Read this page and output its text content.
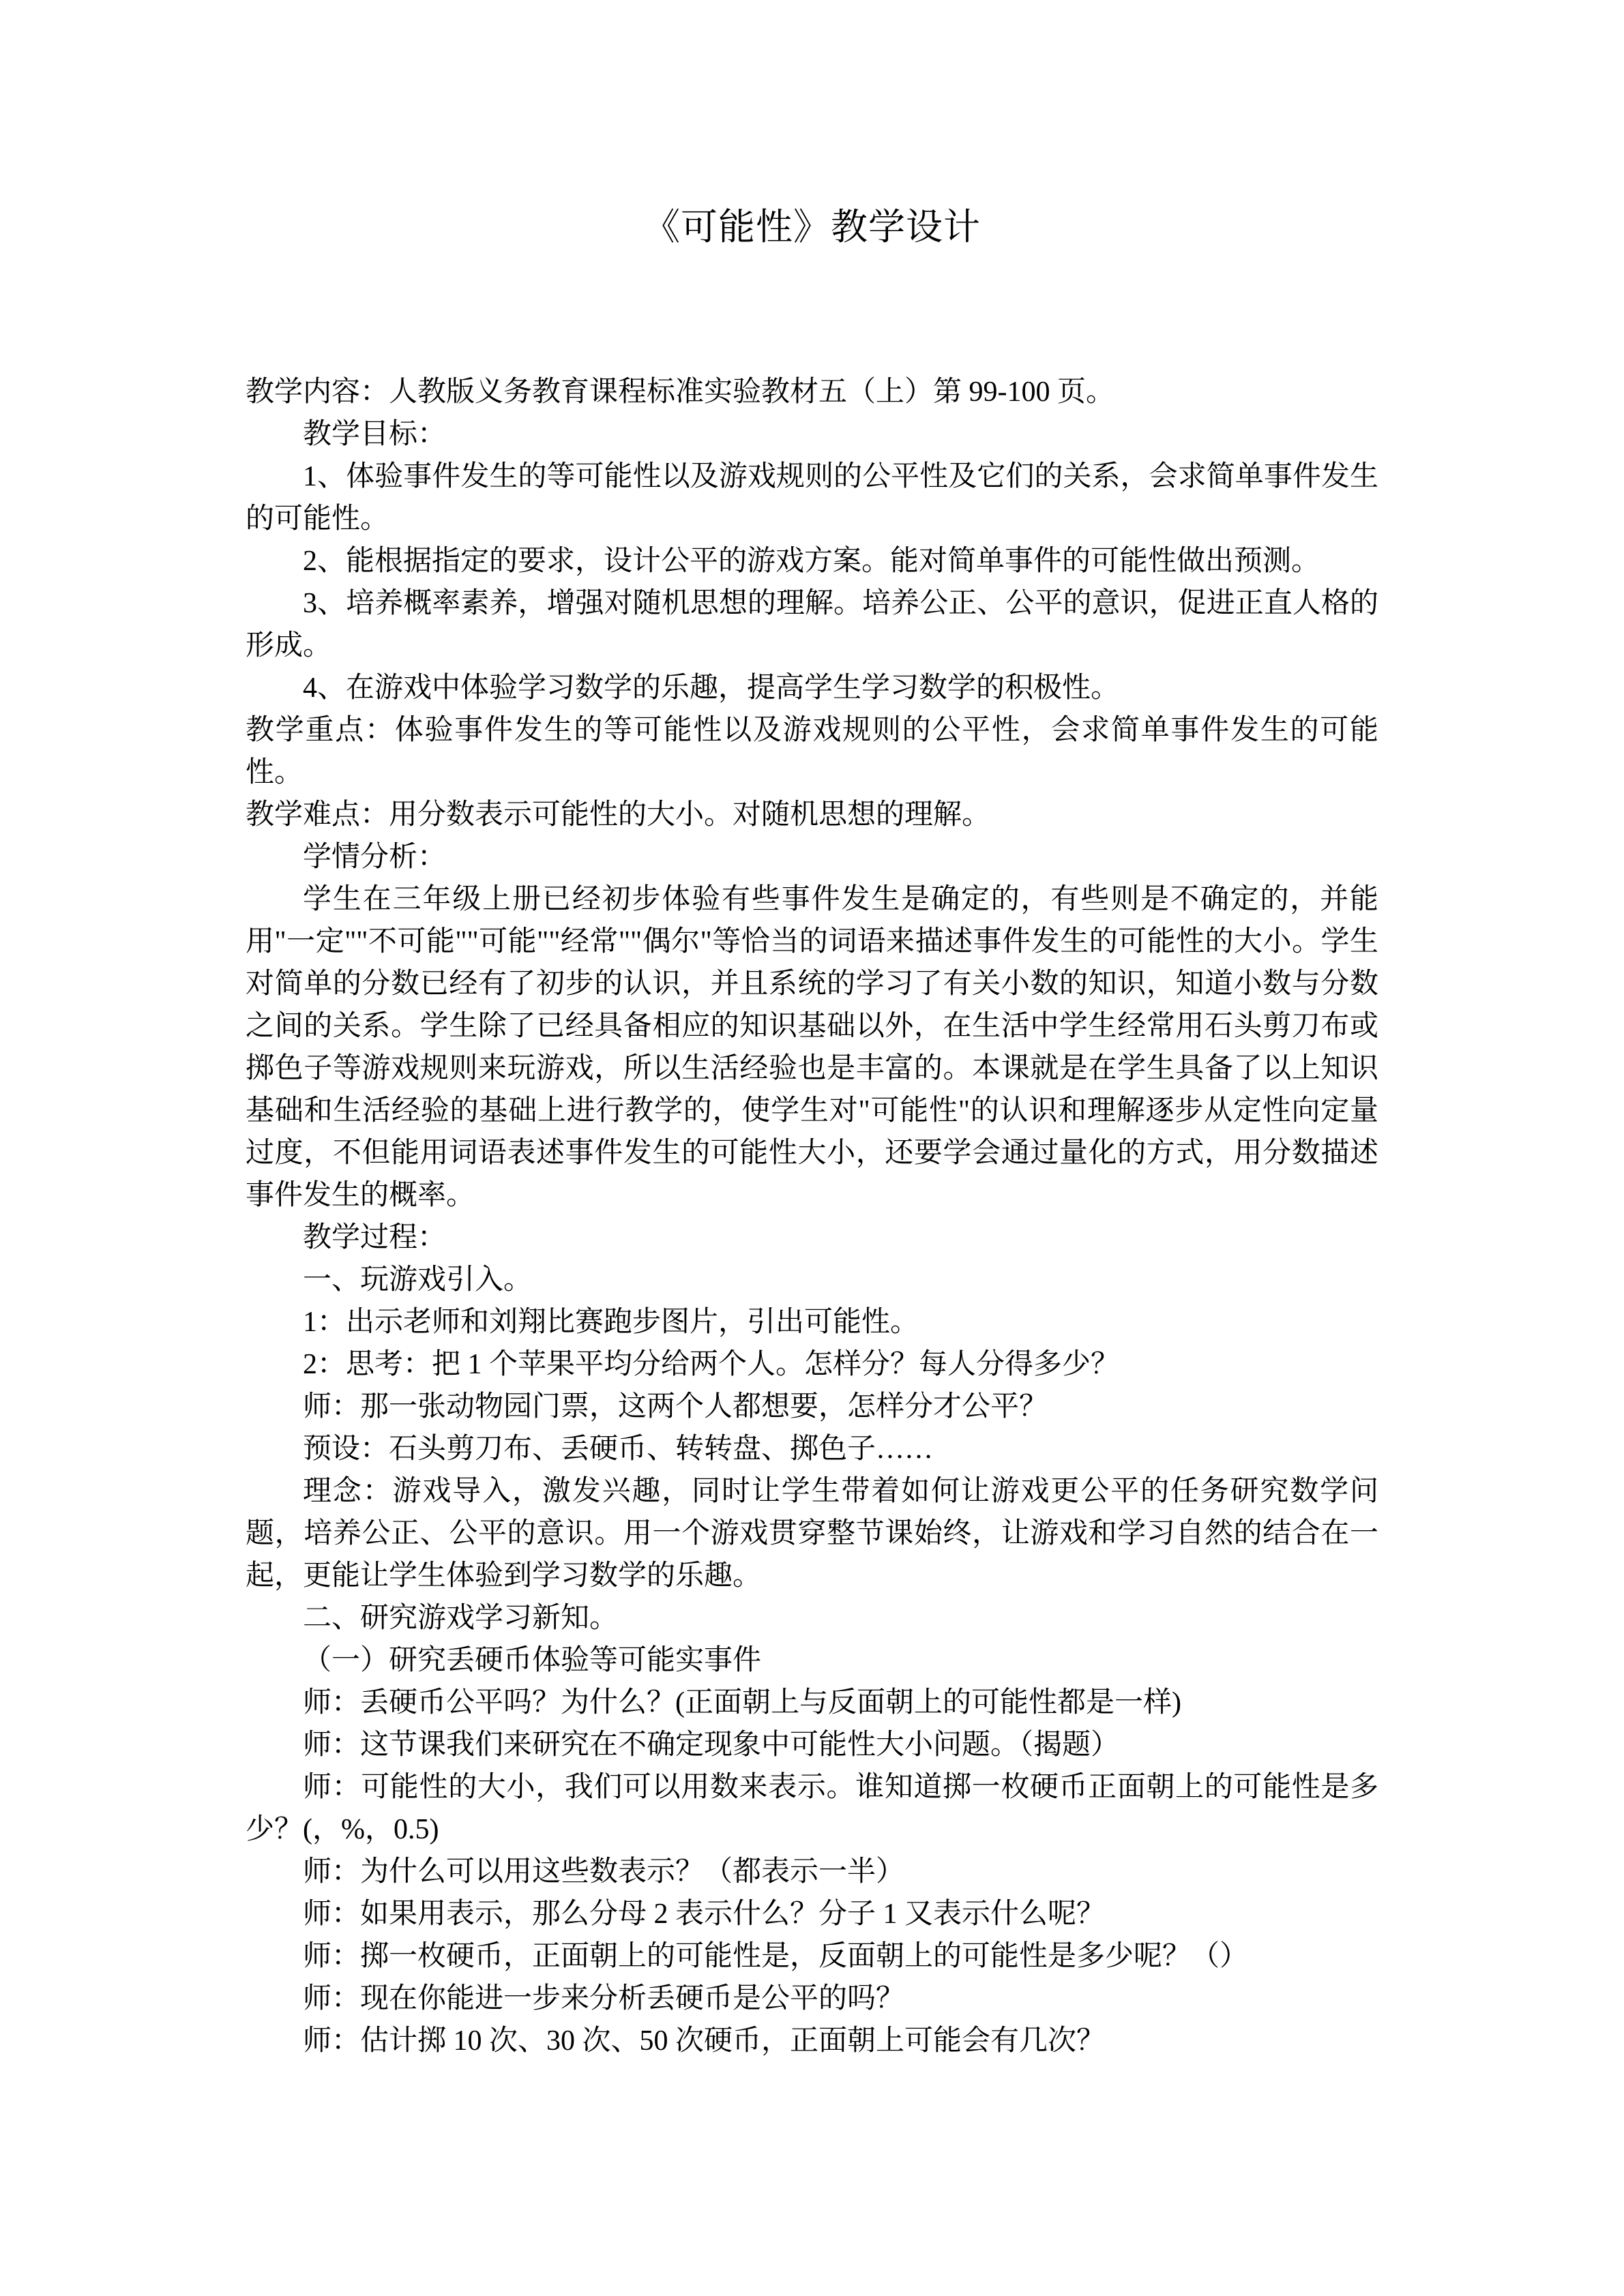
《可能性》教学设计

教学内容：人教版义务教育课程标准实验教材五（上）第 99-100 页。

教学目标：

1、体验事件发生的等可能性以及游戏规则的公平性及它们的关系，会求简单事件发生的可能性。

2、能根据指定的要求，设计公平的游戏方案。能对简单事件的可能性做出预测。

3、培养概率素养，增强对随机思想的理解。培养公正、公平的意识，促进正直人格的形成。

4、在游戏中体验学习数学的乐趣，提高学生学习数学的积极性。

教学重点：体验事件发生的等可能性以及游戏规则的公平性，会求简单事件发生的可能性。

教学难点：用分数表示可能性的大小。对随机思想的理解。

学情分析：

学生在三年级上册已经初步体验有些事件发生是确定的，有些则是不确定的，并能用"一定""不可能""可能""经常""偶尔"等恰当的词语来描述事件发生的可能性的大小。学生对简单的分数已经有了初步的认识，并且系统的学习了有关小数的知识，知道小数与分数之间的关系。学生除了已经具备相应的知识基础以外，在生活中学生经常用石头剪刀布或掷色子等游戏规则来玩游戏，所以生活经验也是丰富的。本课就是在学生具备了以上知识基础和生活经验的基础上进行教学的，使学生对"可能性"的认识和理解逐步从定性向定量过度，不但能用词语表述事件发生的可能性大小，还要学会通过量化的方式，用分数描述事件发生的概率。

教学过程：

一、玩游戏引入。

1：出示老师和刘翔比赛跑步图片，引出可能性。

2：思考：把 1 个苹果平均分给两个人。怎样分？每人分得多少？

师：那一张动物园门票，这两个人都想要，怎样分才公平？

预设：石头剪刀布、丢硬币、转转盘、掷色子……

理念：游戏导入，激发兴趣，同时让学生带着如何让游戏更公平的任务研究数学问题，培养公正、公平的意识。用一个游戏贯穿整节课始终，让游戏和学习自然的结合在一起，更能让学生体验到学习数学的乐趣。

二、研究游戏学习新知。

（一）研究丢硬币体验等可能实事件

师：丢硬币公平吗？为什么？(正面朝上与反面朝上的可能性都是一样)

师：这节课我们来研究在不确定现象中可能性大小问题。（揭题）

师：可能性的大小，我们可以用数来表示。谁知道掷一枚硬币正面朝上的可能性是多少？(，%，0.5)

师：为什么可以用这些数表示？（都表示一半）

师：如果用表示，那么分母 2 表示什么？分子 1 又表示什么呢？

师：掷一枚硬币，正面朝上的可能性是，反面朝上的可能性是多少呢？（）

师：现在你能进一步来分析丢硬币是公平的吗？

师：估计掷 10 次、30 次、50 次硬币，正面朝上可能会有几次？
